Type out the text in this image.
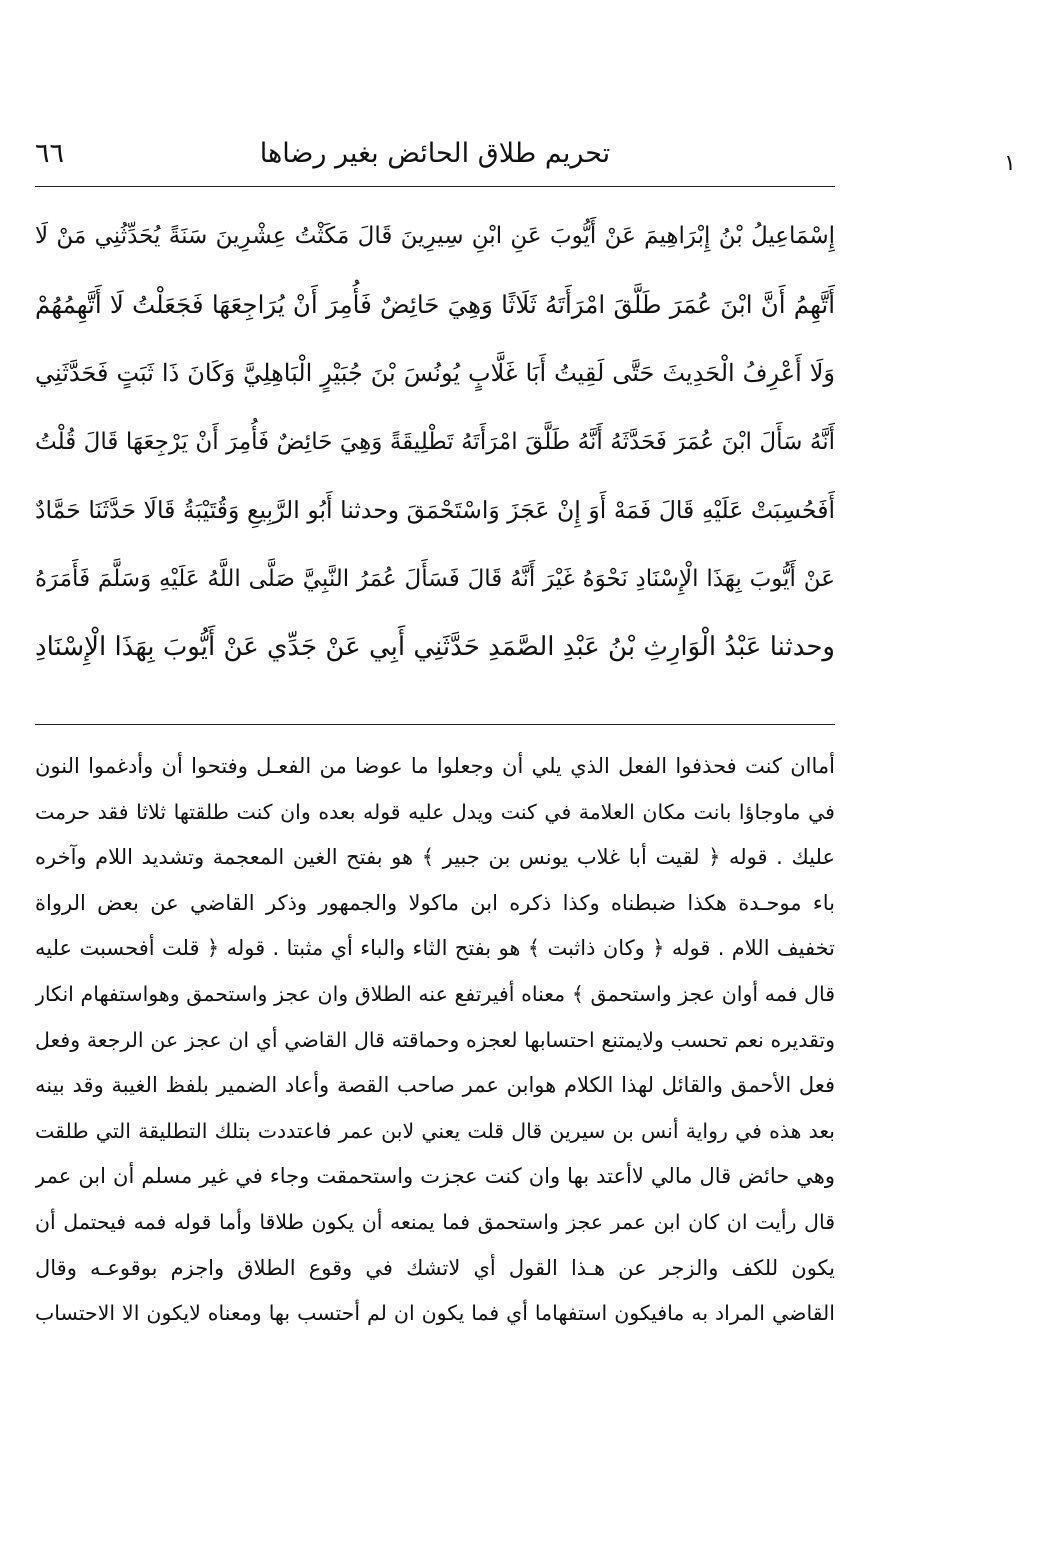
١
تحريم طلاق الحائض بغير رضاها
٦٦
إِسْمَاعِيلُ بْنُ إِبْرَاهِيمَ عَنْ أَيُّوبَ عَنِ ابْنِ سِيرِينَ قَالَ مَكَثْتُ عِشْرِينَ سَنَةً يُحَدِّثُنِي مَنْ لَا
أَتَّهِمُ أَنَّ ابْنَ عُمَرَ طَلَّقَ امْرَأَتَهُ ثَلَاثًا وَهِيَ حَائِضٌ فَأُمِرَ أَنْ يُرَاجِعَهَا فَجَعَلْتُ لَا أَتَّهِمُهُمْ
وَلَا أَعْرِفُ الْحَدِيثَ حَتَّى لَقِيتُ أَبَا غَلَّابٍ يُونُسَ بْنَ جُبَيْرٍ الْبَاهِلِيَّ وَكَانَ ذَا ثَبَتٍ فَحَدَّثَنِي
أَنَّهُ سَأَلَ ابْنَ عُمَرَ فَحَدَّثَهُ أَنَّهُ طَلَّقَ امْرَأَتَهُ تَطْلِيقَةً وَهِيَ حَائِضٌ فَأُمِرَ أَنْ يَرْجِعَهَا قَالَ قُلْتُ
أَفَحُسِبَتْ عَلَيْهِ قَالَ فَمَهْ أَوَ إِنْ عَجَزَ وَاسْتَحْمَقَ وحدثنا أَبُو الرَّبِيعِ وَقُتَيْبَةُ قَالَا حَدَّثَنَا حَمَّادٌ
عَنْ أَيُّوبَ بِهَذَا الْإِسْنَادِ نَحْوَهُ غَيْرَ أَنَّهُ قَالَ فَسَأَلَ عُمَرُ النَّبِيَّ صَلَّى اللَّهُ عَلَيْهِ وَسَلَّمَ فَأَمَرَهُ
وحدثنا عَبْدُ الْوَارِثِ بْنُ عَبْدِ الصَّمَدِ حَدَّثَنِي أَبِي عَنْ جَدِّي عَنْ أَيُّوبَ بِهَذَا الْإِسْنَادِ
أماان كنت فحذفوا الفعل الذي يلي أن وجعلوا ما عوضا من الفعـل وفتحوا أن وأدغموا النون
في ماوجاؤا بانت مكان العلامة في كنت ويدل عليه قوله بعده وان كنت طلقتها ثلاثا فقد حرمت
عليك . قوله ﴿ لقيت أبا غلاب يونس بن جبير ﴾ هو بفتح الغين المعجمة وتشديد اللام وآخره
باء موحـدة هكذا ضبطناه وكذا ذكره ابن ماكولا والجمهور وذكر القاضي عن بعض الرواة
تخفيف اللام . قوله ﴿ وكان ذاثبت ﴾ هو بفتح الثاء والباء أي مثبتا . قوله ﴿ قلت أفحسبت عليه
قال فمه أوان عجز واستحمق ﴾ معناه أفيرتفع عنه الطلاق وان عجز واستحمق وهواستفهام انكار
وتقديره نعم تحسب ولايمتنع احتسابها لعجزه وحماقته قال القاضي أي ان عجز عن الرجعة وفعل
فعل الأحمق والقائل لهذا الكلام هوابن عمر صاحب القصة وأعاد الضمير بلفظ الغيبة وقد بينه
بعد هذه في رواية أنس بن سيرين قال قلت يعني لابن عمر فاعتددت بتلك التطليقة التي طلقت
وهي حائض قال مالي لاأعتد بها وان كنت عجزت واستحمقت وجاء في غير مسلم أن ابن عمر
قال رأيت ان كان ابن عمر عجز واستحمق فما يمنعه أن يكون طلاقا وأما قوله فمه فيحتمل أن
يكون للكف والزجر عن هـذا القول أي لاتشك في وقوع الطلاق واجزم بوقوعـه وقال
القاضي المراد به مافيكون استفهاما أي فما يكون ان لم أحتسب بها ومعناه لايكون الا الاحتساب
